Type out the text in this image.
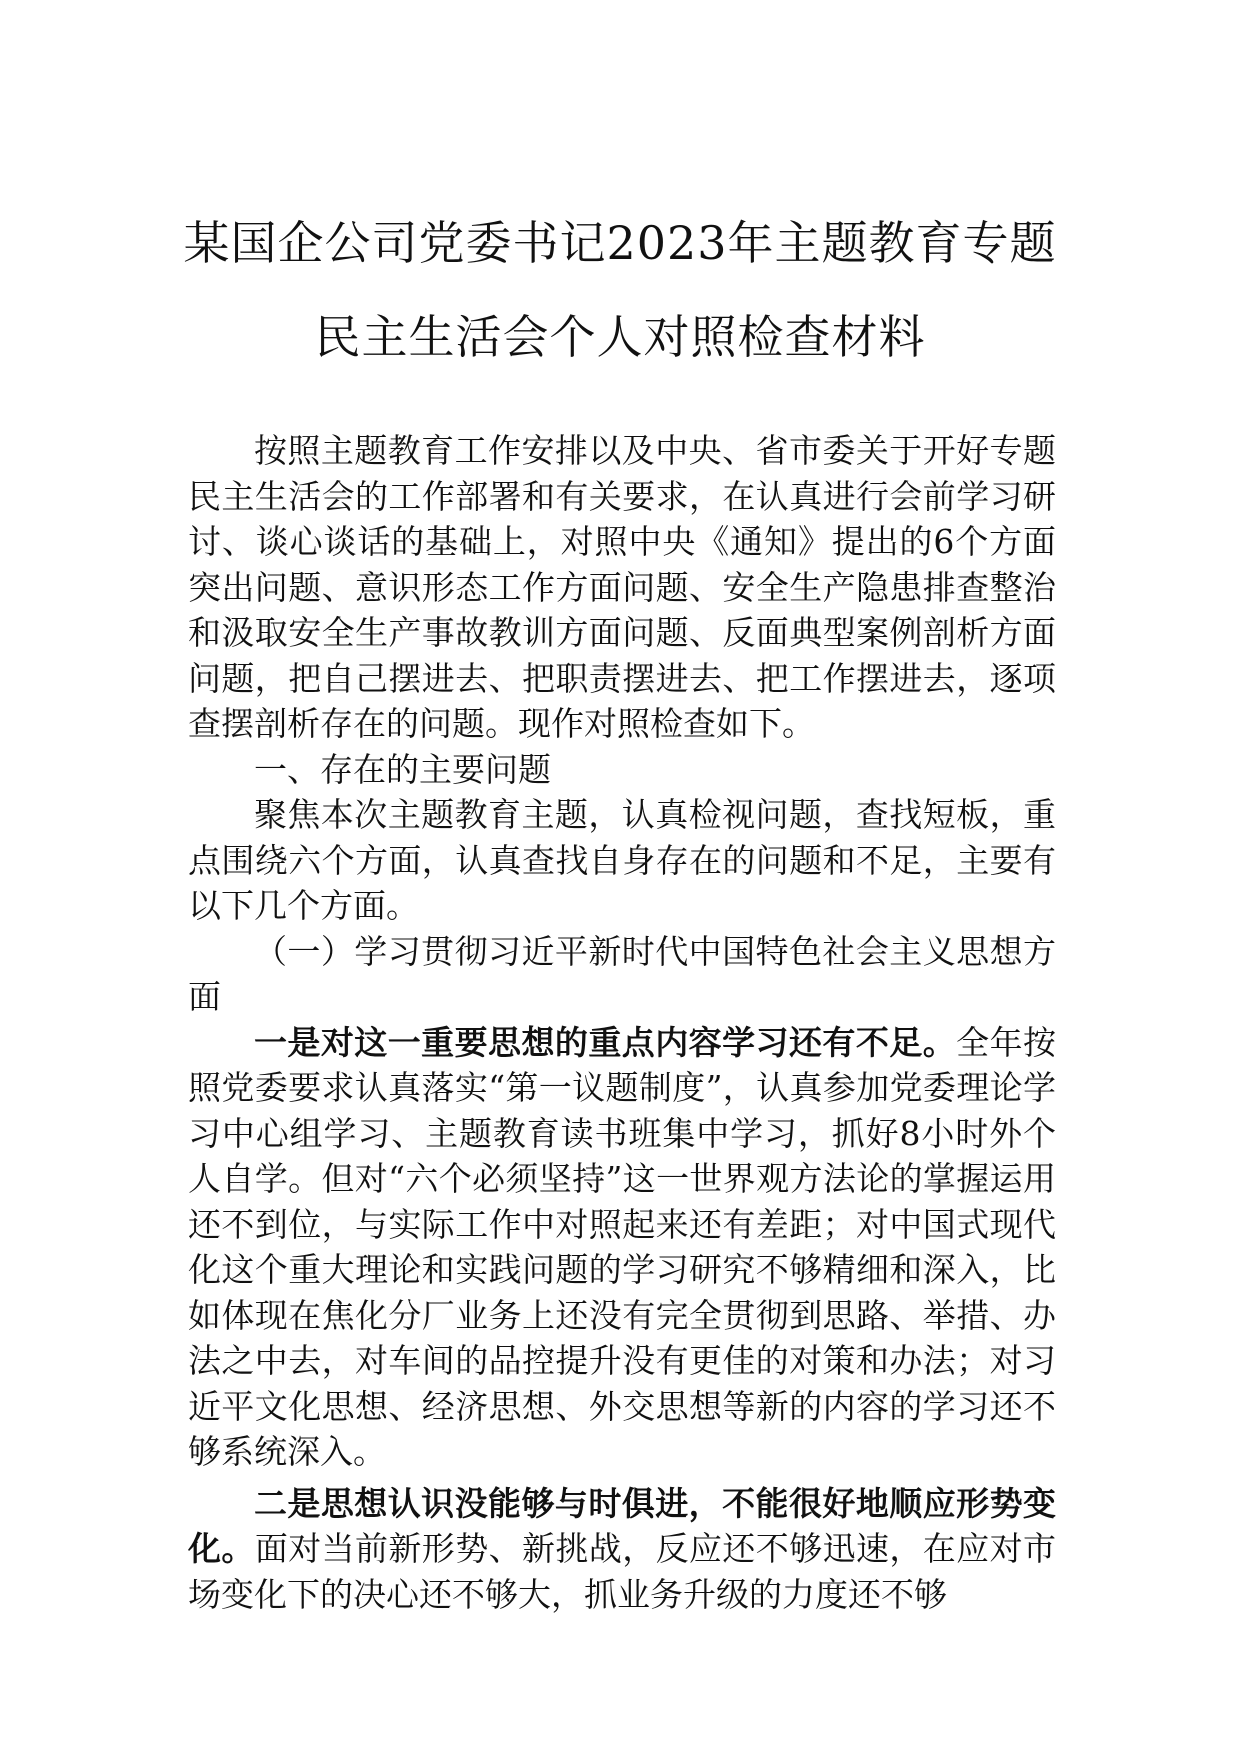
某国企公司党委书记2023年主题教育专题
民主生活会个人对照检查材料

按照主题教育工作安排以及中央、省市委关于开好专题民主生活会的工作部署和有关要求，在认真进行会前学习研讨、谈心谈话的基础上，对照中央《通知》提出的6个方面突出问题、意识形态工作方面问题、安全生产隐患排查整治和汲取安全生产事故教训方面问题、反面典型案例剖析方面问题，把自己摆进去、把职责摆进去、把工作摆进去，逐项查摆剖析存在的问题。现作对照检查如下。

一、存在的主要问题

聚焦本次主题教育主题，认真检视问题，查找短板，重点围绕六个方面，认真查找自身存在的问题和不足，主要有以下几个方面。

（一）学习贯彻习近平新时代中国特色社会主义思想方面

一是对这一重要思想的重点内容学习还有不足。全年按照党委要求认真落实“第一议题制度”，认真参加党委理论学习中心组学习、主题教育读书班集中学习，抓好8小时外个人自学。但对“六个必须坚持”这一世界观方法论的掌握运用还不到位，与实际工作中对照起来还有差距；对中国式现代化这个重大理论和实践问题的学习研究不够精细和深入，比如体现在焦化分厂业务上还没有完全贯彻到思路、举措、办法之中去，对车间的品控提升没有更佳的对策和办法；对习近平文化思想、经济思想、外交思想等新的内容的学习还不够系统深入。

二是思想认识没能够与时俱进，不能很好地顺应形势变化。面对当前新形势、新挑战，反应还不够迅速，在应对市场变化下的决心还不够大，抓业务升级的力度还不够
